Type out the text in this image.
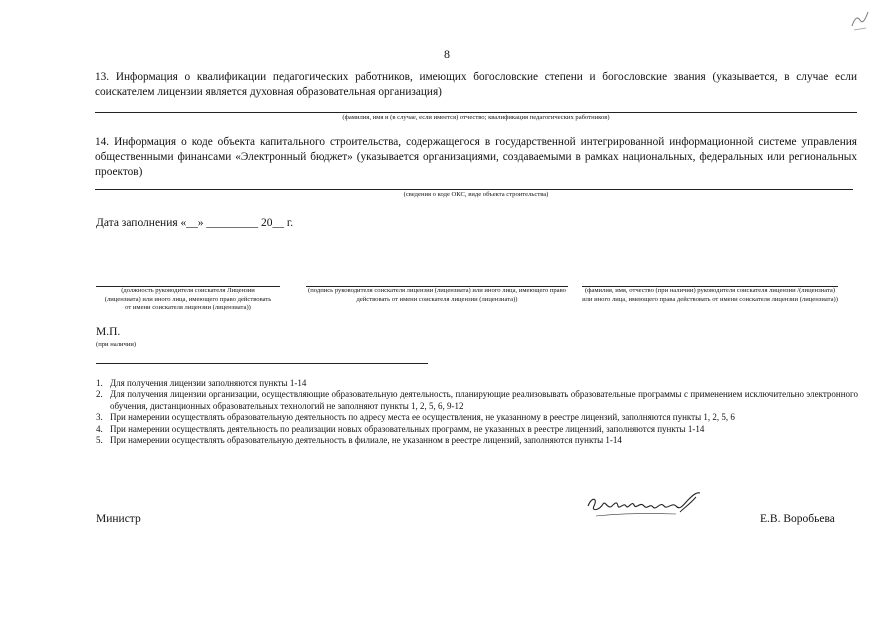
8
13. Информация о квалификации педагогических работников, имеющих богословские степени и богословские звания (указывается, в случае если соискателем лицензии является духовная образовательная организация)
(фамилия, имя и (в случае, если имеется) отчество; квалификация педагогических работников)
14. Информация о коде объекта капитального строительства, содержащегося в государственной интегрированной информационной системе управления общественными финансами «Электронный бюджет» (указывается организациями, создаваемыми в рамках национальных, федеральных или региональных проектов)
(сведения о коде ОКС, виде объекта строительства)
Дата заполнения «__» _________ 20__ г.
(должность руководителя соискателя Лицензии (лицензиата) или иного лица, имеющего право действовать от имени соискателя лицензии (лицензиата))
(подпись руководителя соискателя лицензии (лицензиата) или иного лица, имеющего право действовать от имени соискателя лицензии (лицензиата))
(фамилия, имя, отчество (при наличии) руководителя соискателя лицензии /(лицензиата) или иного лица, имеющего права действовать от имени соискателя лицензии (лицензиата))
М.П.
(при наличии)
1. Для получения лицензии заполняются пункты 1-14
2. Для получения лицензии организации, осуществляющие образовательную деятельность, планирующие реализовывать образовательные программы с применением исключительно электронного обучения, дистанционных образовательных технологий не заполняют пункты 1, 2, 5, 6, 9-12
3. При намерении осуществлять образовательную деятельность по адресу места ее осуществления, не указанному в реестре лицензий, заполняются пункты 1, 2, 5, 6
4. При намерении осуществлять деятельность по реализации новых образовательных программ, не указанных в реестре лицензий, заполняются пункты 1-14
5. При намерении осуществлять образовательную деятельность в филиале, не указанном в реестре лицензий, заполняются пункты 1-14
Министр	Е.В. Воробьева
